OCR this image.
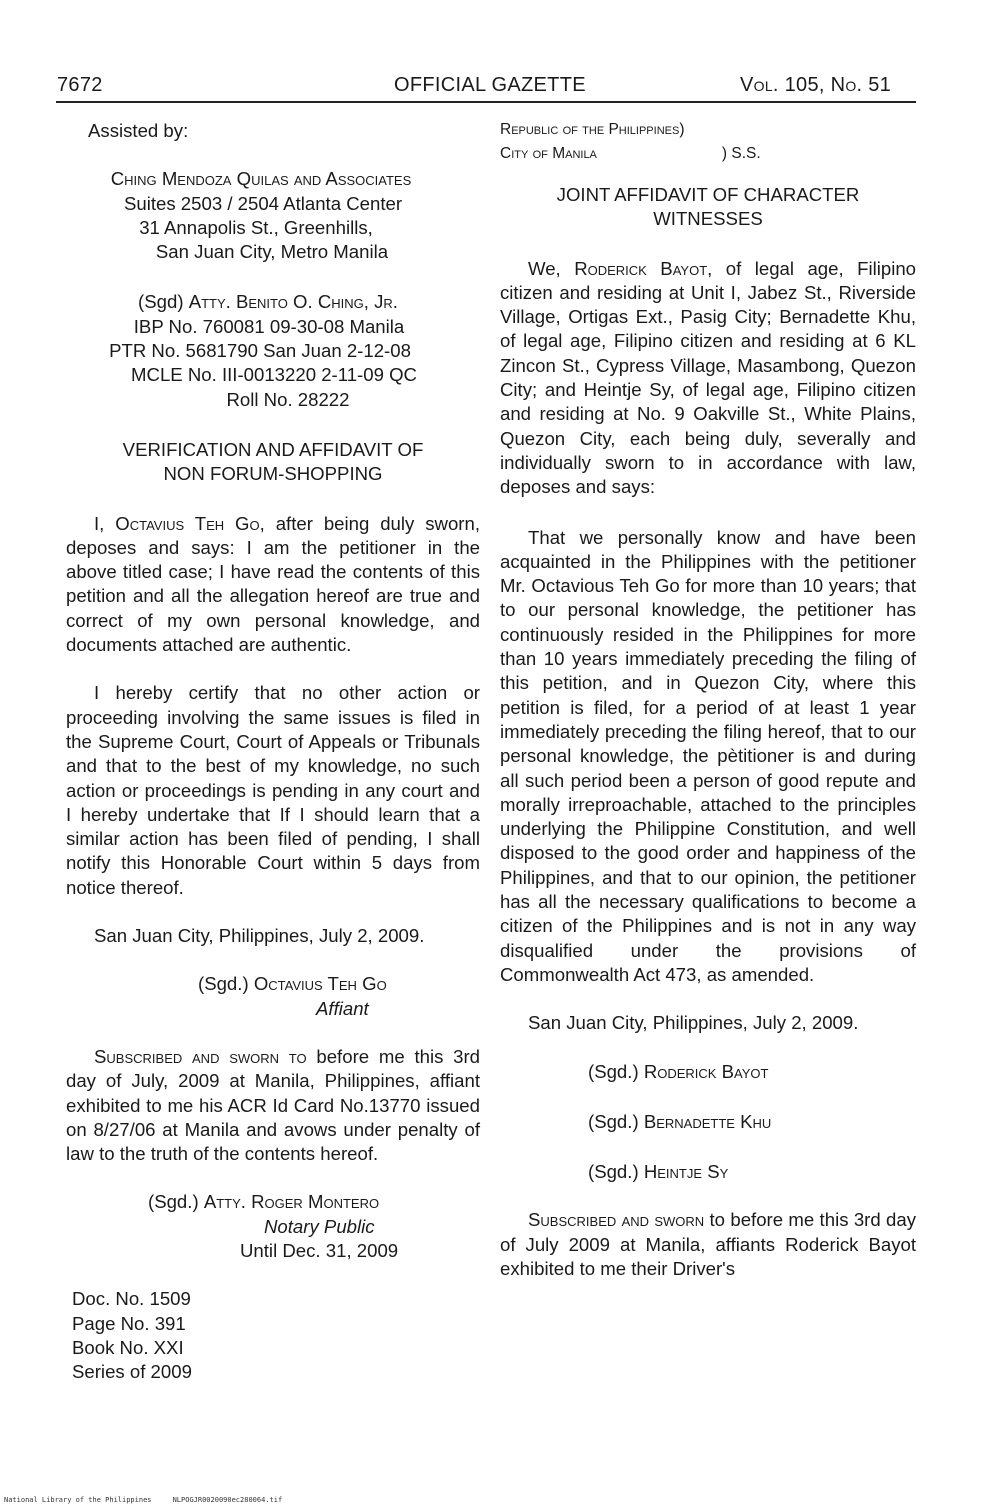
7672	OFFICIAL GAZETTE	Vol. 105, No. 51
Assisted by:
Ching Mendoza Quilas and Associates
Suites 2503 / 2504 Atlanta Center
31 Annapolis St., Greenhills,
San Juan City, Metro Manila
(Sgd) Atty. Benito O. Ching, Jr.
IBP No. 760081 09-30-08 Manila
PTR No. 5681790 San Juan 2-12-08
MCLE No. III-0013220 2-11-09 QC
Roll No. 28222

VERIFICATION AND AFFIDAVIT OF

NON FORUM-SHOPPING

I, Octavius Teh Go, after being duly sworn, deposes and says: I am the petitioner in the above titled case; I have read the contents of this petition and all the allegation hereof are true and correct of my own personal knowledge, and documents attached are authentic.

I hereby certify that no other action or proceeding involving the same issues is filed in the Supreme Court, Court of Appeals or Tribunals and that to the best of my knowledge, no such action or proceedings is pending in any court and I hereby undertake that If I should learn that a similar action has been filed of pending, I shall notify this Honorable Court within 5 days from notice thereof.

San Juan City, Philippines, July 2, 2009.

(Sgd.) Octavius Teh Go
Affiant

Subscribed and sworn to before me this 3rd day of July, 2009 at Manila, Philippines, affiant exhibited to me his ACR Id Card No.13770 issued on 8/27/06 at Manila and avows under penalty of law to the truth of the contents hereof.

(Sgd.) Atty. Roger Montero
Notary Public
Until Dec. 31, 2009
Doc. No. 1509
Page No. 391
Book No. XXI
Series of 2009
Republic of the Philippines)
City of Manila	) S.S.

JOINT AFFIDAVIT OF CHARACTER

WITNESSES

We, Roderick Bayot, of legal age, Filipino citizen and residing at Unit I, Jabez St., Riverside Village, Ortigas Ext., Pasig City; Bernadette Khu, of legal age, Filipino citizen and residing at 6 KL Zincon St., Cypress Village, Masambong, Quezon City; and Heintje Sy, of legal age, Filipino citizen and residing at No. 9 Oakville St., White Plains, Quezon City, each being duly, severally and individually sworn to in accordance with law, deposes and says:

That we personally know and have been acquainted in the Philippines with the petitioner Mr. Octavious Teh Go for more than 10 years; that to our personal knowledge, the petitioner has continuously resided in the Philippines for more than 10 years immediately preceding the filing of this petition, and in Quezon City, where this petition is filed, for a period of at least 1 year immediately preceding the filing hereof, that to our personal knowledge, the pètitioner is and during all such period been a person of good repute and morally irreproachable, attached to the principles underlying the Philippine Constitution, and well disposed to the good order and happiness of the Philippines, and that to our opinion, the petitioner has all the necessary qualifications to become a citizen of the Philippines and is not in any way disqualified under the provisions of Commonwealth Act 473, as amended.

San Juan City, Philippines, July 2, 2009.

(Sgd.) Roderick Bayot
(Sgd.) Bernadette Khu
(Sgd.) Heintje Sy

Subscribed and sworn to before me this 3rd day of July 2009 at Manila, affiants Roderick Bayot exhibited to me their Driver's

National Library of the Philippines	NLPOGJR0020090ec280064.tif
